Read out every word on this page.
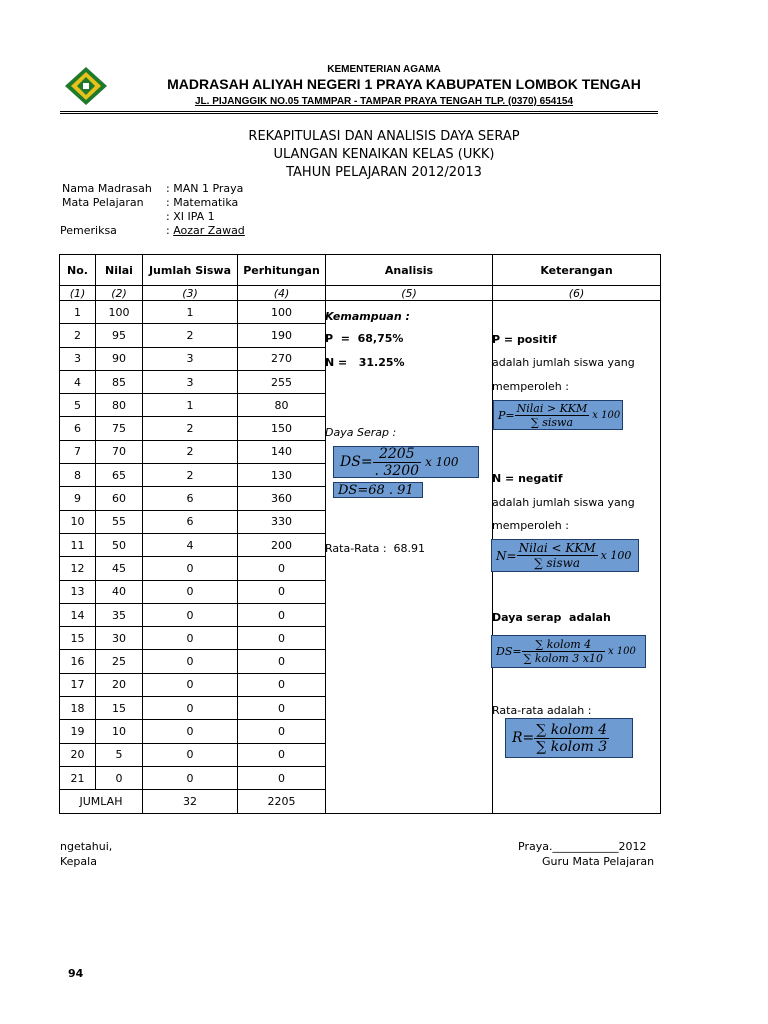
KEMENTERIAN AGAMA
MADRASAH ALIYAH NEGERI 1 PRAYA KABUPATEN LOMBOK TENGAH
JL. PIJANGGIK NO.05 TAMMPAR - TAMPAR PRAYA TENGAH TLP. (0370) 654154
REKAPITULASI DAN ANALISIS DAYA SERAP
ULANGAN KENAIKAN KELAS (UKK)
TAHUN PELAJARAN 2012/2013
Nama Madrasah : MAN 1 Praya
Mata Pelajaran : Matematika
: XI IPA 1
Pemeriksa	: Aozar Zawad
No.	Nilai	Jumlah Siswa	Perhitungan	Analisis	Keterangan
(1)	(2)	(3)	(4)	(5)	(6)
1	100	1	100		
2	95	2	190		
3	90	3	270		
4	85	3	255		
5	80	1	80		
6	75	2	150		
7	70	2	140		
8	65	2	130		
9	60	6	360		
10	55	6	330		
11	50	4	200		
12	45	0	0		
13	40	0	0		
14	35	0	0		
15	30	0	0		
16	25	0	0		
17	20	0	0		
18	15	0	0		
19	10	0	0		
20	5	0	0		
21	0	0	0		
JUMLAH		32	2205		
Kemampuan :
P  =  68,75%
N =   31.25%
Daya Serap :
$DS= \frac{2205}{. 3200}$ x 100
DS=68 . 91
Rata-Rata :  68.91
P = positif
adalah jumlah siswa yang
memperoleh :
$P= \frac{\text{Nilai > KKM}}{\text{∑ siswa}}$ x 100
N = negatif
adalah jumlah siswa yang
memperoleh :
$N= \frac{\text{Nilai < KKM}}{\text{∑ siswa}}$ x 100
Daya serap  adalah
$DS= \frac{\text{∑ kolom 4}}{\text{∑ kolom 3 x10}}$ x 100
Rata-rata adalah :
$R= \frac{\text{∑ kolom 4}}{\text{∑ kolom 3}}$
ngetahui,
Kepala
Praya.____________2012
Guru Mata Pelajaran
94
